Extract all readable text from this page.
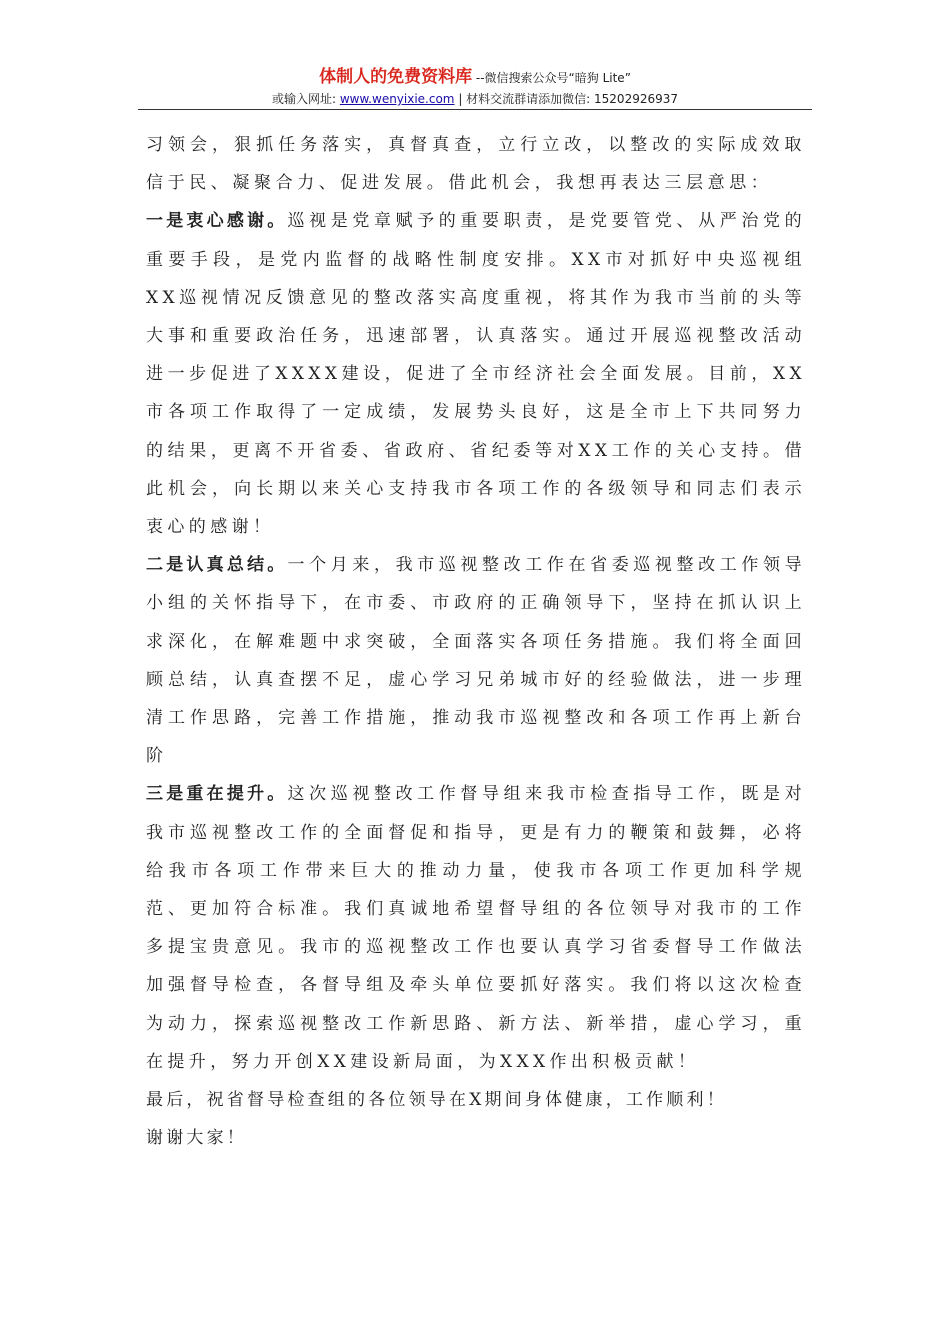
体制人的免费资料库 --微信搜索公众号“暗狗 Lite”
或输入网址: www.wenyixie.com | 材料交流群请添加微信: 15202926937

习领会，狠抓任务落实，真督真查，立行立改，以整改的实际成效取信于民、凝聚合力、促进发展。借此机会，我想再表达三层意思：

一是衷心感谢。巡视是党章赋予的重要职责，是党要管党、从严治党的重要手段，是党内监督的战略性制度安排。XX市对抓好中央巡视组XX巡视情况反馈意见的整改落实高度重视，将其作为我市当前的头等大事和重要政治任务，迅速部署，认真落实。通过开展巡视整改活动进一步促进了XXXX建设，促进了全市经济社会全面发展。目前，XX市各项工作取得了一定成绩，发展势头良好，这是全市上下共同努力的结果，更离不开省委、省政府、省纪委等对XX工作的关心支持。借此机会，向长期以来关心支持我市各项工作的各级领导和同志们表示衷心的感谢！

二是认真总结。一个月来，我市巡视整改工作在省委巡视整改工作领导小组的关怀指导下，在市委、市政府的正确领导下，坚持在抓认识上求深化，在解难题中求突破，全面落实各项任务措施。我们将全面回顾总结，认真查摆不足，虚心学习兄弟城市好的经验做法，进一步理清工作思路，完善工作措施，推动我市巡视整改和各项工作再上新台阶

三是重在提升。这次巡视整改工作督导组来我市检查指导工作，既是对我市巡视整改工作的全面督促和指导，更是有力的鞭策和鼓舞，必将给我市各项工作带来巨大的推动力量，使我市各项工作更加科学规范、更加符合标准。我们真诚地希望督导组的各位领导对我市的工作多提宝贵意见。我市的巡视整改工作也要认真学习省委督导工作做法加强督导检查，各督导组及牵头单位要抓好落实。我们将以这次检查为动力，探索巡视整改工作新思路、新方法、新举措，虚心学习，重在提升，努力开创XX建设新局面，为XXX作出积极贡献！

最后，祝省督导检查组的各位领导在X期间身体健康，工作顺利！

谢谢大家！
